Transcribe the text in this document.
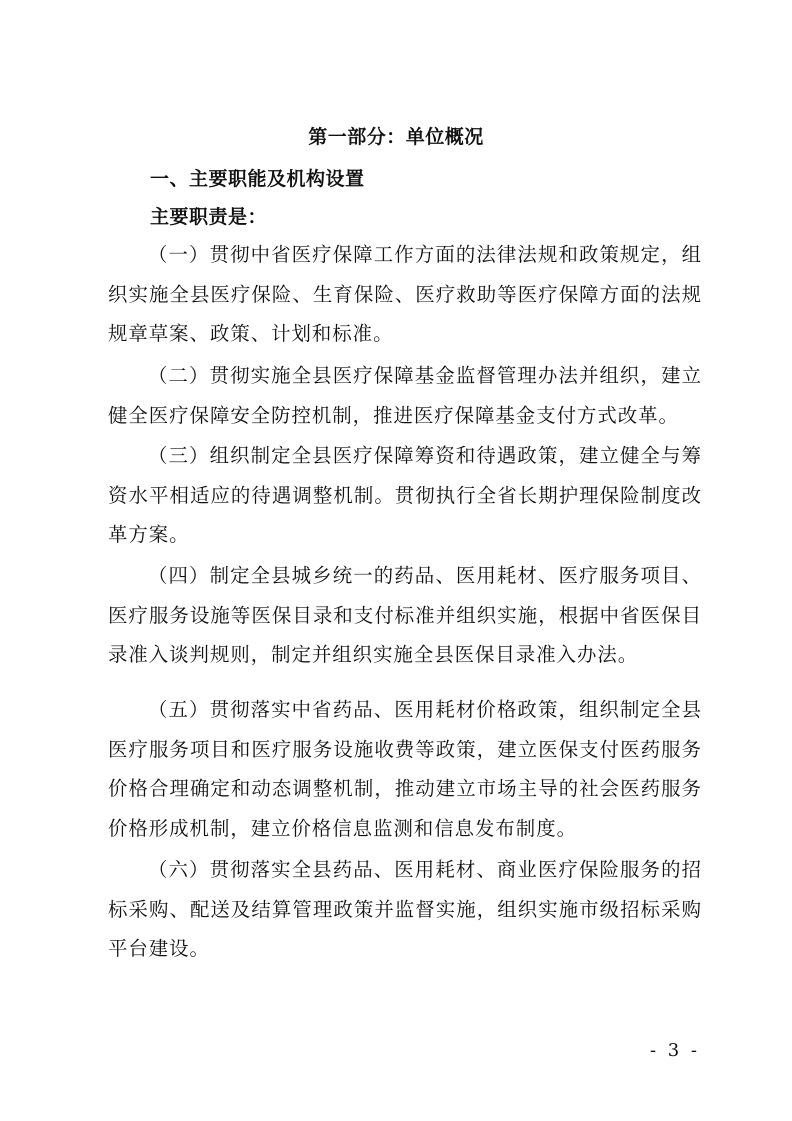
第一部分：单位概况
一、主要职能及机构设置
主要职责是：
（一）贯彻中省医疗保障工作方面的法律法规和政策规定，组织实施全县医疗保险、生育保险、医疗救助等医疗保障方面的法规规章草案、政策、计划和标准。
（二）贯彻实施全县医疗保障基金监督管理办法并组织，建立健全医疗保障安全防控机制，推进医疗保障基金支付方式改革。
（三）组织制定全县医疗保障筹资和待遇政策，建立健全与筹资水平相适应的待遇调整机制。贯彻执行全省长期护理保险制度改革方案。
（四）制定全县城乡统一的药品、医用耗材、医疗服务项目、医疗服务设施等医保目录和支付标准并组织实施，根据中省医保目录准入谈判规则，制定并组织实施全县医保目录准入办法。
（五）贯彻落实中省药品、医用耗材价格政策，组织制定全县医疗服务项目和医疗服务设施收费等政策，建立医保支付医药服务价格合理确定和动态调整机制，推动建立市场主导的社会医药服务价格形成机制，建立价格信息监测和信息发布制度。
（六）贯彻落实全县药品、医用耗材、商业医疗保险服务的招标采购、配送及结算管理政策并监督实施，组织实施市级招标采购平台建设。
- 3 -
